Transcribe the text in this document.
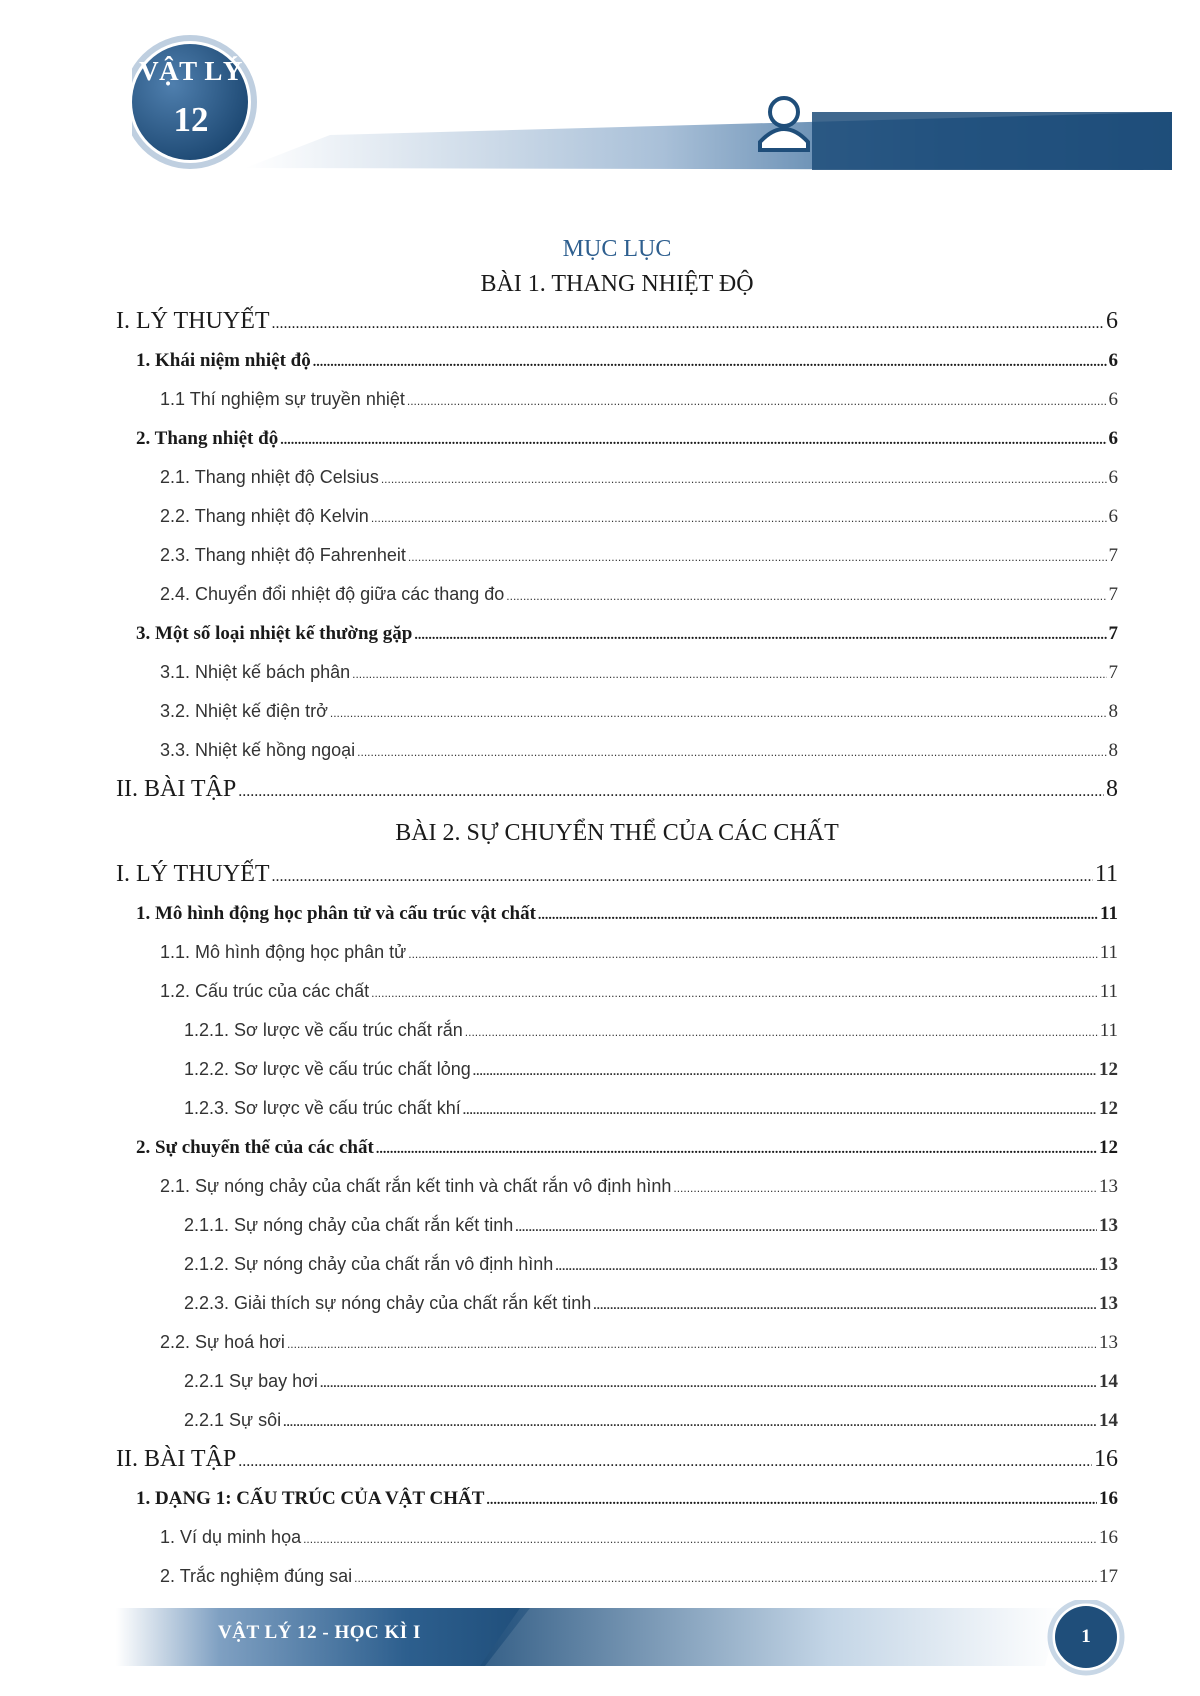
VẬT LÝ
12
MỤC LỤC
BÀI 1. THANG NHIỆT ĐỘ
I. LÝ THUYẾT .....	6
1. Khái niệm nhiệt độ .....	6
1.1 Thí nghiệm sự truyền nhiệt .....	6
2. Thang nhiệt độ .....	6
2.1. Thang nhiệt độ Celsius .....	6
2.2. Thang nhiệt độ Kelvin .....	6
2.3. Thang nhiệt độ Fahrenheit .....	7
2.4. Chuyển đổi nhiệt độ giữa các thang đo .....	7
3. Một số loại nhiệt kế thường gặp .....	7
3.1. Nhiệt kế bách phân .....	7
3.2. Nhiệt kế điện trở .....	8
3.3. Nhiệt kế hồng ngoại .....	8
II. BÀI TẬP .....	8
BÀI 2. SỰ CHUYỂN THỂ CỦA CÁC CHẤT
I. LÝ THUYẾT .....	11
1. Mô hình động học phân tử và cấu trúc vật chất .....	11
1.1. Mô hình động học phân tử .....	11
1.2. Cấu trúc của các chất .....	11
1.2.1. Sơ lược về cấu trúc chất rắn .....	11
1.2.2. Sơ lược về cấu trúc chất lỏng .....	12
1.2.3. Sơ lược về cấu trúc chất khí .....	12
2. Sự chuyển thể của các chất .....	12
2.1. Sự nóng chảy của chất rắn kết tinh và chất rắn vô định hình .....	13
2.1.1. Sự nóng chảy của chất rắn kết tinh .....	13
2.1.2. Sự nóng chảy của chất rắn vô định hình .....	13
2.2.3. Giải thích sự nóng chảy của chất rắn kết tinh .....	13
2.2. Sự hoá hơi .....	13
2.2.1 Sự bay hơi .....	14
2.2.1 Sự sôi .....	14
II. BÀI TẬP .....	16
1. DẠNG 1: CẤU TRÚC CỦA VẬT CHẤT .....	16
1. Ví dụ minh họa .....	16
2. Trắc nghiệm đúng sai .....	17
VẬT LÝ 12 - HỌC KÌ I	1
